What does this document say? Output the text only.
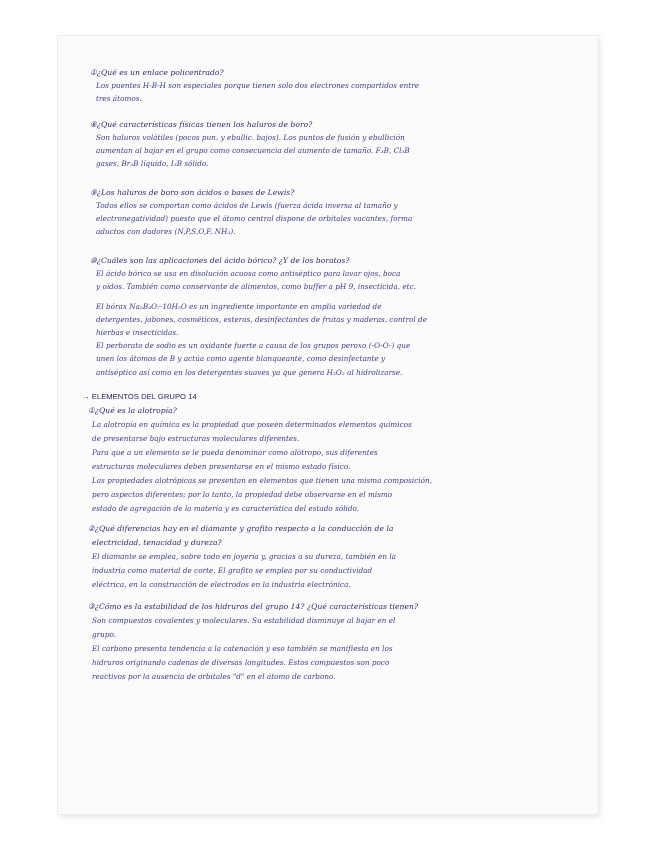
①¿Qué es un enlace policentrado?
Los puentes H-B-H son especiales porque tienen solo dos electrones compartidos entre
tres átomos.
⑧¿Qué características físicas tienen los haluros de boro?
Son haluros volátiles (pocos pun. y ebullic. bajos). Los puntos de fusión y ebullición
aumentan al bajar en el grupo como consecuencia del aumento de tamaño. F₃B, Cl₃B
gases, Br₃B líquido, I₃B sólido.
⑨¿Los haluros de boro son ácidos o bases de Lewis?
Todos ellos se comportan como ácidos de Lewis (fuerza ácida inversa al tamaño y
electronegatividad) puesto que el átomo central dispone de orbitales vacantes, forma
aductos con dadores (N,P,S,O,F, NH₃).
⑩¿Cuáles son las aplicaciones del ácido bórico? ¿Y de los boratos?
El ácido bórico se usa en disolución acuosa como antiséptico para lavar ojos, boca
y oídos. También como conservante de alimentos, como buffer a pH 9, insecticida, etc.
El bórax Na₂B₄O₇·10H₂O es un ingrediente importante en amplia variedad de
detergentes, jabones, cosméticos, esteras, desinfectantes de frutas y maderas, control de
hierbas e insecticidas.
El perborato de sodio es un oxidante fuerte a causa de los grupos peroxo (-O-O-) que
unen los átomos de B y actúa como agente blanqueante, como desinfectante y
antiséptico así como en los detergentes suaves ya que genera H₂O₂ al hidrolizarse.
→ ELEMENTOS DEL GRUPO 14
①¿Qué es la alotropía?
La alotropía en química es la propiedad que poseen determinados elementos químicos
de presentarse bajo estructuras moleculares diferentes.
Para que a un elemento se le pueda denominar como alótropo, sus diferentes
estructuras moleculares deben presentarse en el mismo estado físico.
Las propiedades alotrópicas se presentan en elementos que tienen una misma composición,
pero aspectos diferentes; por lo tanto, la propiedad debe observarse en el mismo
estado de agregación de la materia y es característica del estado sólido.
②¿Qué diferencias hay en el diamante y grafito respecto a la conducción de la
electricidad, tenacidad y dureza?
El diamante se emplea, sobre todo en joyería y, gracias a su dureza, también en la
industria como material de corte. El grafito se emplea por su conductividad
eléctrica, en la construcción de electrodos en la industria electrónica.
③¿Cómo es la estabilidad de los hidruros del grupo 14? ¿Qué características tienen?
Son compuestos covalentes y moleculares. Su estabilidad disminuye al bajar en el
grupo.
El carbono presenta tendencia a la catenación y eso también se manifiesta en los
hidruros originando cadenas de diversas longitudes. Estos compuestos son poco
reactivos por la ausencia de orbitales "d" en el átomo de carbono.
